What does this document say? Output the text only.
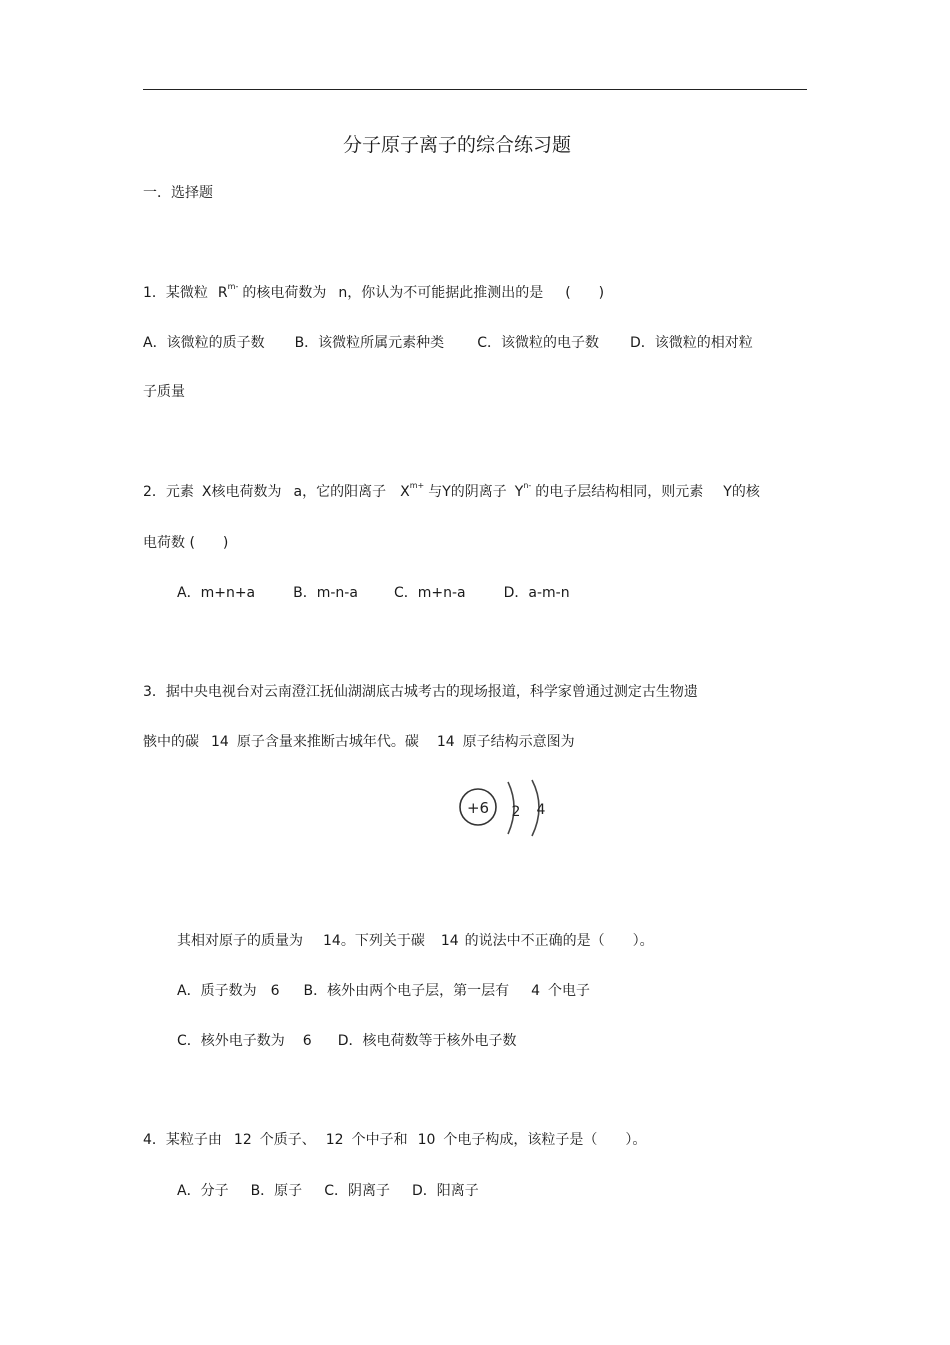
分子原子离子的综合练习题
一．选择题
1．某微粒 $R^{m-}$ 的核电荷数为 n，你认为不可能据此推测出的是 (　　)
A．该微粒的质子数 B．该微粒所属元素种类 C．该微粒的电子数 D．该微粒的相对粒
子质量
2．元素 X核电荷数为 a，它的阳离子 $X^{m+}$ 与Y的阴离子 $Y^{n-}$ 的电子层结构相同，则元素 Y的核
电荷数 (　　)
A．m+n+a	B．m-n-a	C．m+n-a	D．a-m-n
3．据中央电视台对云南澄江抚仙湖湖底古城考古的现场报道，科学家曾通过测定古生物遗
骸中的碳 14 原子含量来推断古城年代。碳 14 原子结构示意图为
+6 2 4
其相对原子的质量为 14。下列关于碳 14 的说法中不正确的是（　　）。
A．质子数为 6 B．核外由两个电子层，第一层有 4 个电子
C．核外电子数为 6 D．核电荷数等于核外电子数
4．某粒子由 12 个质子、 12 个中子和 10 个电子构成，该粒子是（　　）。
A．分子 B．原子 C．阴离子 D．阳离子
